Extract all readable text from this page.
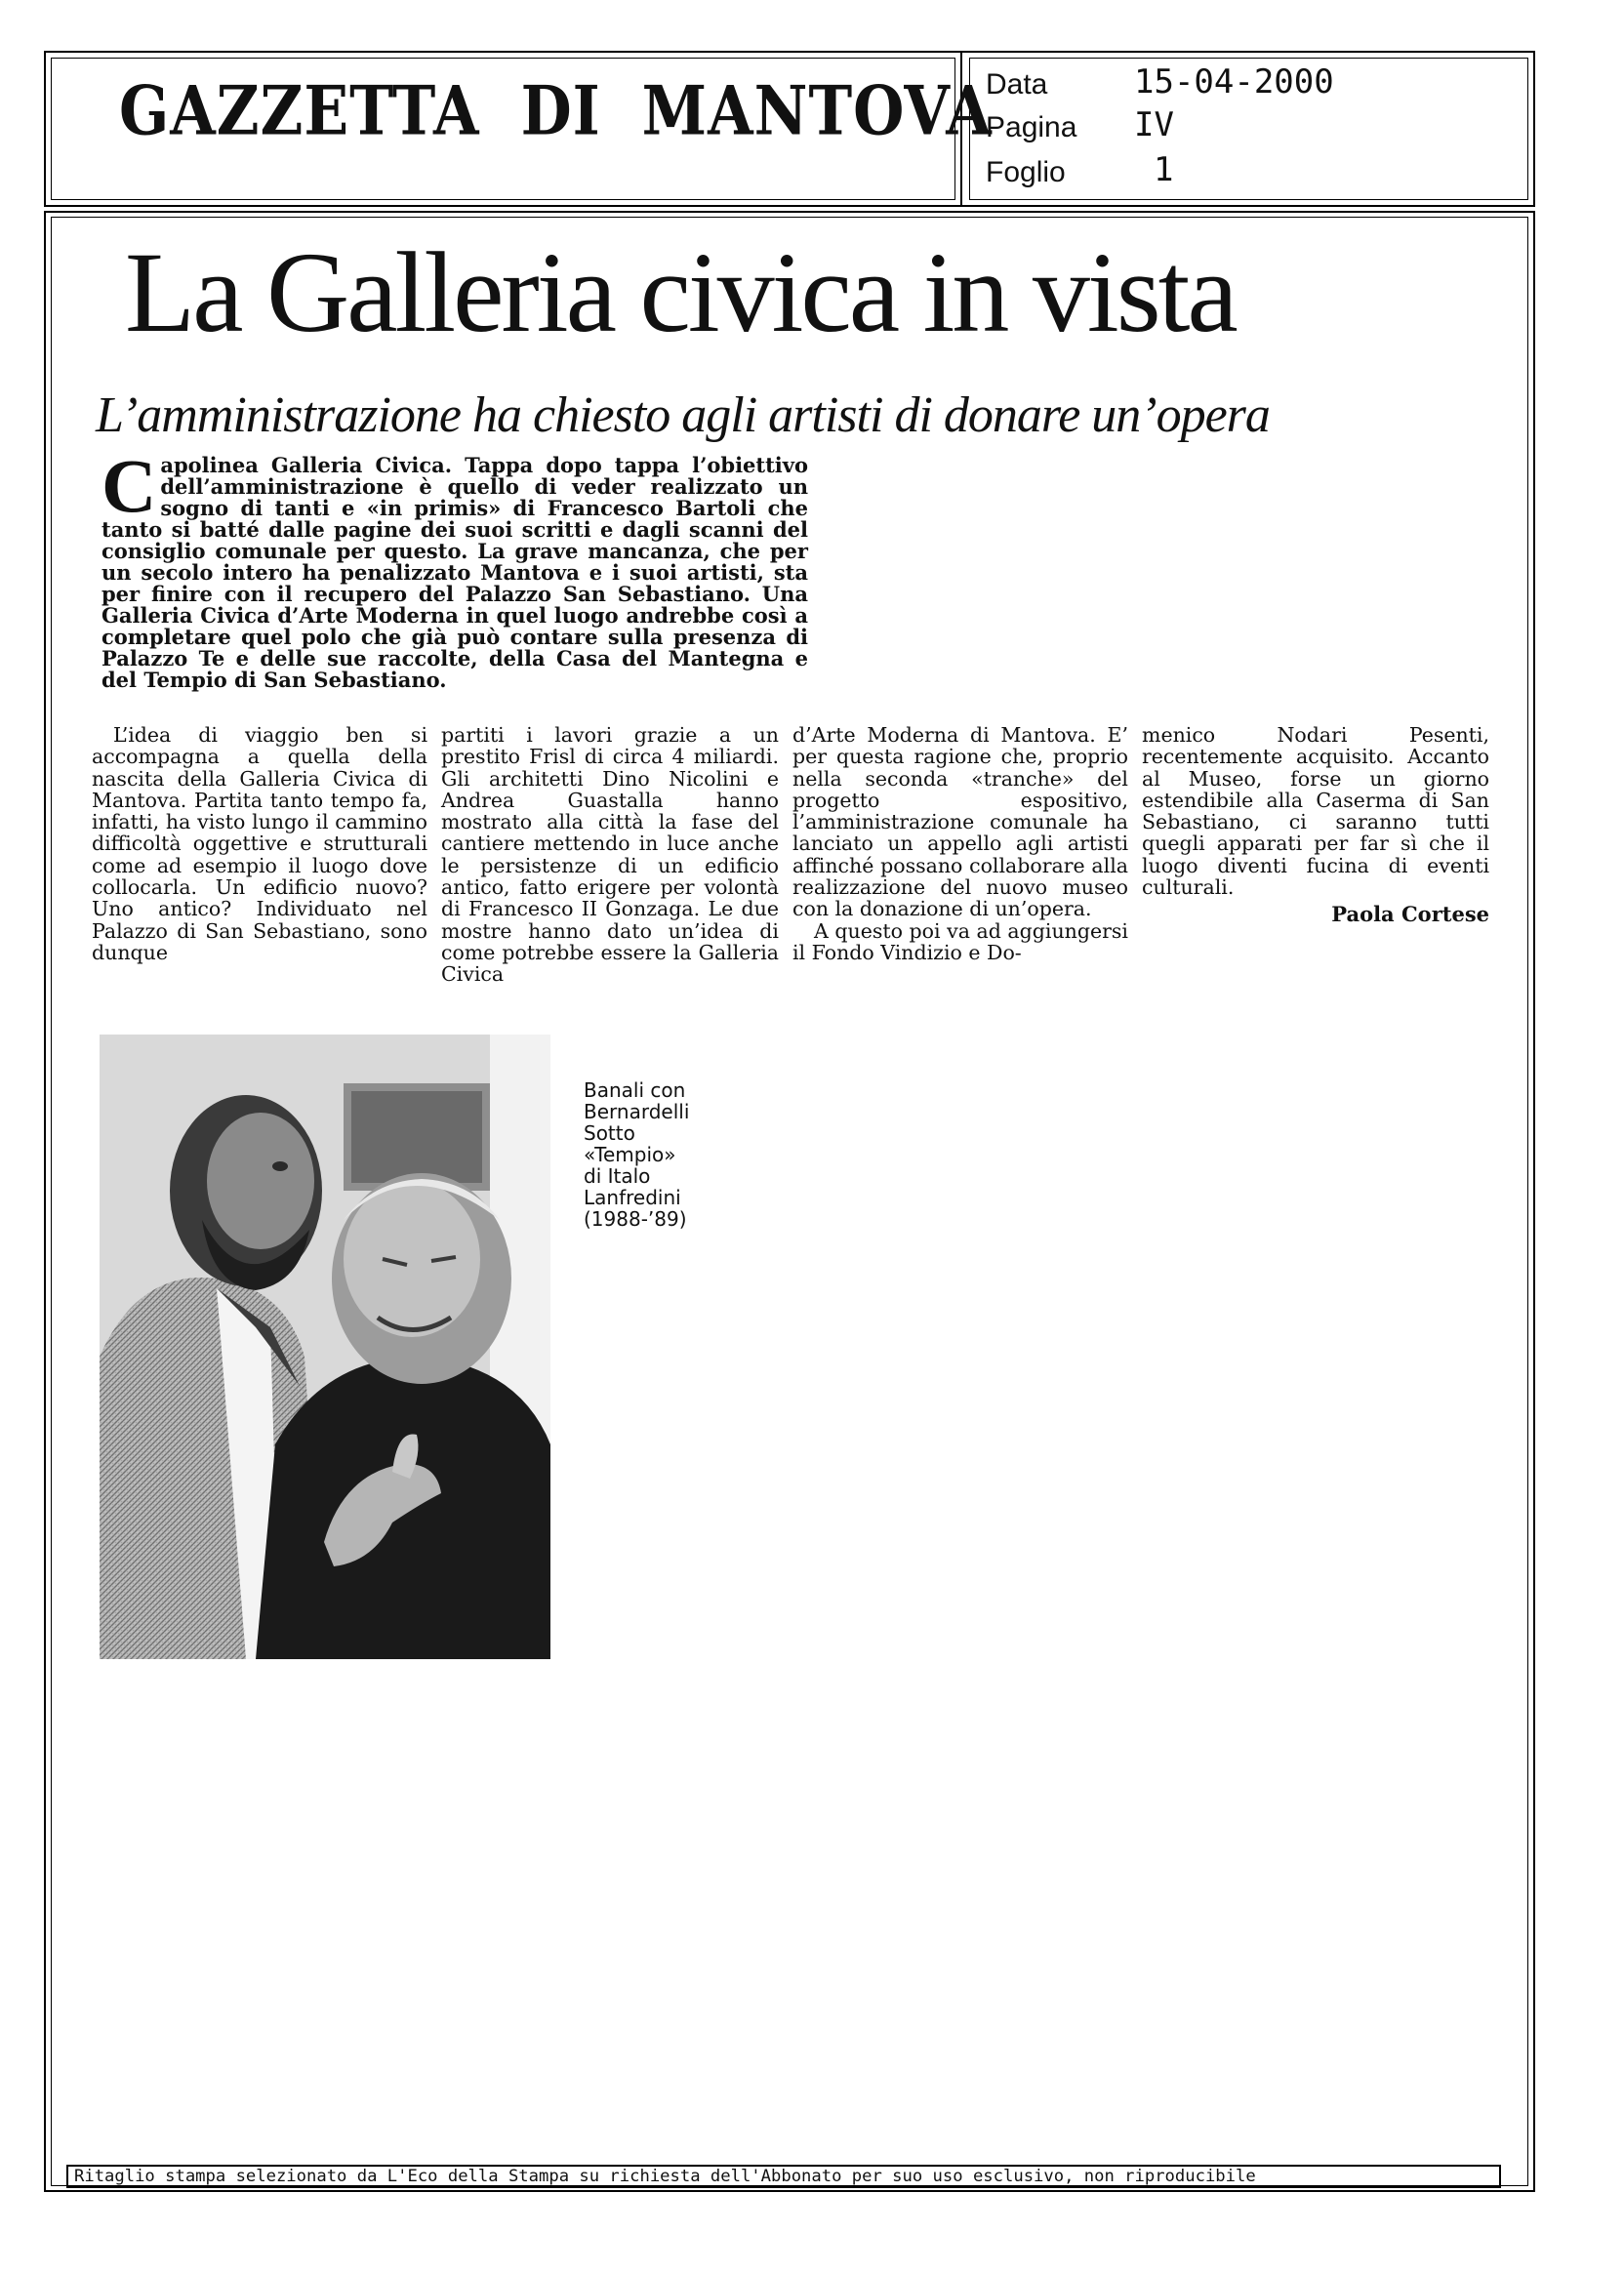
GAZZETTA DI MANTOVA
Data	15-04-2000
Pagina IV
Foglio	1
La Galleria civica in vista
L’amministrazione ha chiesto agli artisti di donare un’opera
Capolinea Galleria Civica. Tappa dopo tappa l’obiettivo dell’amministrazione è quello di veder realizzato un sogno di tanti e «in primis» di Francesco Bartoli che tanto si batté dalle pagine dei suoi scritti e dagli scanni del consiglio comunale per questo. La grave mancanza, che per un secolo intero ha penalizzato Mantova e i suoi artisti, sta per finire con il recupero del Palazzo San Sebastiano. Una Galleria Civica d’Arte Moderna in quel luogo andrebbe così a completare quel polo che già può contare sulla presenza di Palazzo Te e delle sue raccolte, della Casa del Mantegna e del Tempio di San Sebastiano.

L’idea di viaggio ben si accompagna a quella della nascita della Galleria Civica di Mantova. Partita tanto tempo fa, infatti, ha visto lungo il cammino difficoltà oggettive e strutturali come ad esempio il luogo dove collocarla. Un edificio nuovo? Uno antico? Individuato nel Palazzo di San Sebastiano, sono dunque

partiti i lavori grazie a un prestito Frisl di circa 4 miliardi. Gli architetti Dino Nicolini e Andrea Guastalla hanno mostrato alla città la fase del cantiere mettendo in luce anche le persistenze di un edificio antico, fatto erigere per volontà di Francesco II Gonzaga. Le due mostre hanno dato un’idea di come potrebbe essere la Galleria Civica

d’Arte Moderna di Mantova. E’ per questa ragione che, proprio nella seconda «tranche» del progetto espositivo, l’amministrazione comunale ha lanciato un appello agli artisti affinché possano collaborare alla realizzazione del nuovo museo con la donazione di un’opera.

A questo poi va ad aggiungersi il Fondo Vindizio e Do-

menico Nodari Pesenti, recentemente acquisito. Accanto al Museo, forse un giorno estendibile alla Caserma di San Sebastiano, ci saranno tutti quegli apparati per far sì che il luogo diventi fucina di eventi culturali.

Paola Cortese
Banali con
Bernardelli
Sotto
«Tempio»
di Italo
Lanfredini
(1988-’89)
Ritaglio stampa selezionato da L'Eco della Stampa su richiesta dell'Abbonato per suo uso esclusivo, non riproducibile
